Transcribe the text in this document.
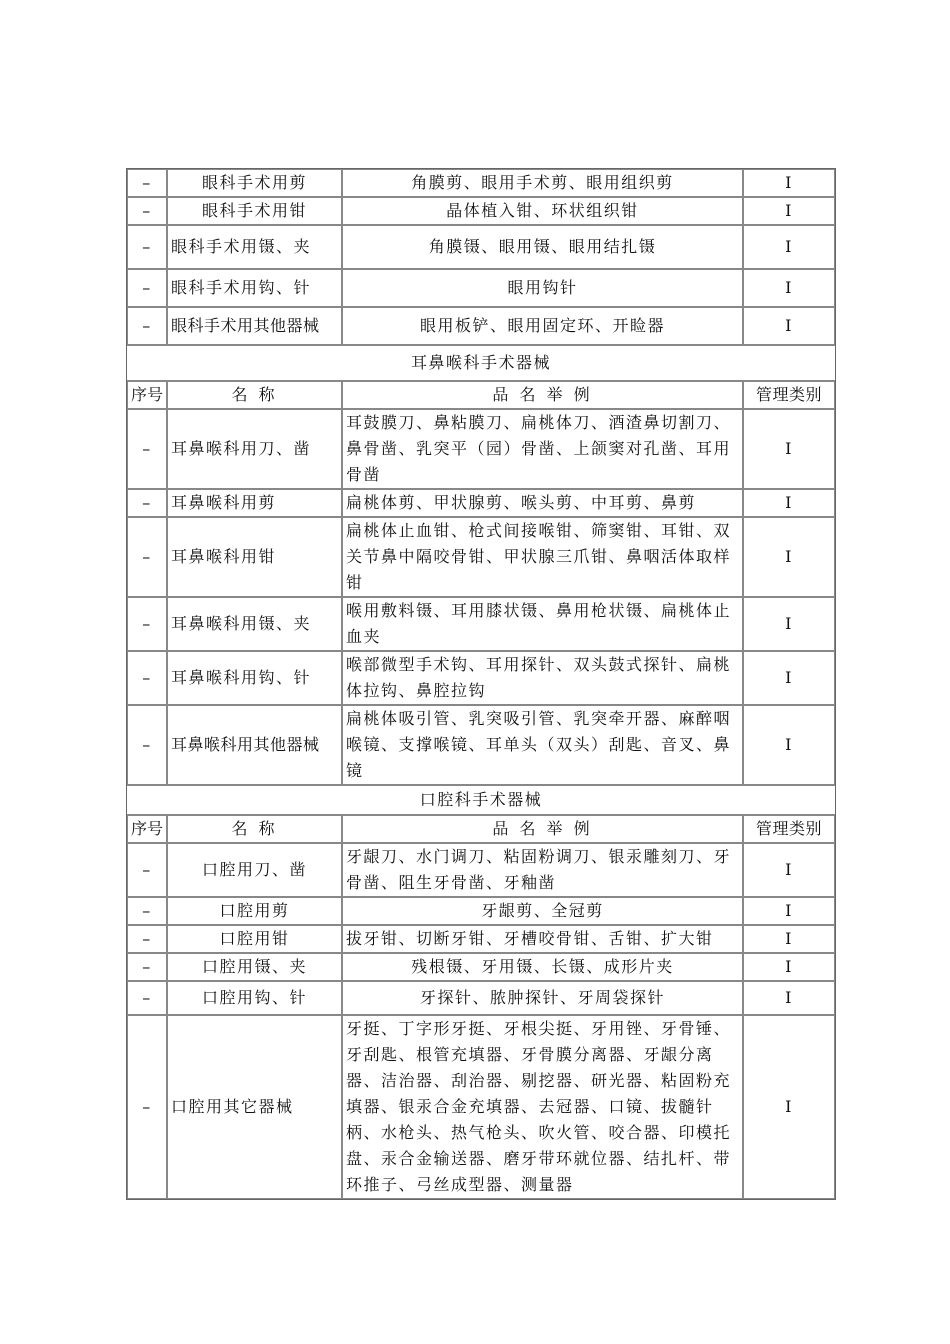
–	眼科手术用剪	角膜剪、眼用手术剪、眼用组织剪	I
–	眼科手术用钳	晶体植入钳、环状组织钳	I
–	眼科手术用镊、夹	角膜镊、眼用镊、眼用结扎镊	I
–	眼科手术用钩、针	眼用钩针	I
–	眼科手术用其他器械	眼用板铲、眼用固定环、开睑器	I
耳鼻喉科手术器械			
序号	名 称	品 名 举 例	管理类别
–	耳鼻喉科用刀、凿	耳鼓膜刀、鼻粘膜刀、扁桃体刀、酒渣鼻切割刀、鼻骨凿、乳突平（园）骨凿、上颌窦对孔凿、耳用骨凿	I
–	耳鼻喉科用剪	扁桃体剪、甲状腺剪、喉头剪、中耳剪、鼻剪	I
–	耳鼻喉科用钳	扁桃体止血钳、枪式间接喉钳、筛窦钳、耳钳、双关节鼻中隔咬骨钳、甲状腺三爪钳、鼻咽活体取样钳	I
–	耳鼻喉科用镊、夹	喉用敷料镊、耳用膝状镊、鼻用枪状镊、扁桃体止血夹	I
–	耳鼻喉科用钩、针	喉部微型手术钩、耳用探针、双头鼓式探针、扁桃体拉钩、鼻腔拉钩	I
–	耳鼻喉科用其他器械	扁桃体吸引管、乳突吸引管、乳突牵开器、麻醉咽喉镜、支撑喉镜、耳单头（双头）刮匙、音叉、鼻镜	I
口腔科手术器械			
序号	名 称	品 名 举 例	管理类别
–	口腔用刀、凿	牙龈刀、水门调刀、粘固粉调刀、银汞雕刻刀、牙骨凿、阻生牙骨凿、牙釉凿	I
–	口腔用剪	牙龈剪、全冠剪	I
–	口腔用钳	拔牙钳、切断牙钳、牙槽咬骨钳、舌钳、扩大钳	I
–	口腔用镊、夹	残根镊、牙用镊、长镊、成形片夹	I
–	口腔用钩、针	牙探针、脓肿探针、牙周袋探针	I
–	口腔用其它器械	牙挺、丁字形牙挺、牙根尖挺、牙用锉、牙骨锤、牙刮匙、根管充填器、牙骨膜分离器、牙龈分离器、洁治器、刮治器、剔挖器、研光器、粘固粉充填器、银汞合金充填器、去冠器、口镜、拔髓针柄、水枪头、热气枪头、吹火管、咬合器、印模托盘、汞合金输送器、磨牙带环就位器、结扎杆、带环推子、弓丝成型器、测量器	I
